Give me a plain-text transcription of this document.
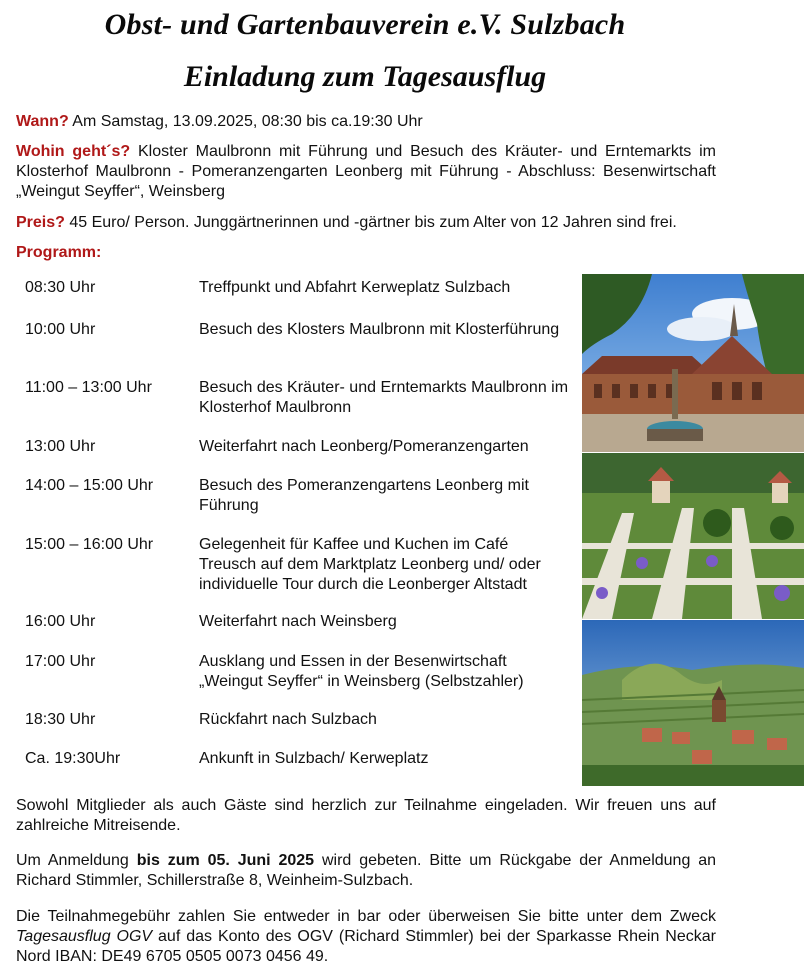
Obst- und Gartenbauverein e.V. Sulzbach
Einladung zum Tagesausflug
Wann? Am Samstag, 13.09.2025, 08:30 bis ca.19:30 Uhr
Wohin geht´s? Kloster Maulbronn mit Führung und Besuch des Kräuter- und Erntemarkts im Klosterhof Maulbronn - Pomeranzengarten Leonberg mit Führung - Abschluss: Besenwirtschaft „Weingut Seyffer“, Weinsberg
Preis? 45 Euro/ Person. Junggärtnerinnen und -gärtner bis zum Alter von 12 Jahren sind frei.
Programm:
08:30 Uhr	Treffpunkt und Abfahrt Kerweplatz Sulzbach
10:00 Uhr	Besuch des Klosters Maulbronn mit Klosterführung
11:00 – 13:00 Uhr	Besuch des Kräuter- und Erntemarkts Maulbronn im Klosterhof Maulbronn
13:00 Uhr	Weiterfahrt nach Leonberg/Pomeranzengarten
14:00 – 15:00 Uhr	Besuch des Pomeranzengartens Leonberg mit Führung
15:00 – 16:00 Uhr	Gelegenheit für Kaffee und Kuchen im Café Treusch auf dem Marktplatz Leonberg und/ oder individuelle Tour durch die Leonberger Altstadt
16:00 Uhr	Weiterfahrt nach Weinsberg
17:00 Uhr	Ausklang und Essen in der Besenwirtschaft „Weingut Seyffer“ in Weinsberg (Selbstzahler)
18:30 Uhr	Rückfahrt nach Sulzbach
Ca. 19:30Uhr	Ankunft in Sulzbach/ Kerweplatz
Sowohl Mitglieder als auch Gäste sind herzlich zur Teilnahme eingeladen. Wir freuen uns auf zahlreiche Mitreisende.
Um Anmeldung bis zum 05. Juni 2025 wird gebeten. Bitte um Rückgabe der Anmeldung an Richard Stimmler, Schillerstraße 8, Weinheim-Sulzbach.
Die Teilnahmegebühr zahlen Sie entweder in bar oder überweisen Sie bitte unter dem Zweck Tagesausflug OGV auf das Konto des OGV (Richard Stimmler) bei der Sparkasse Rhein Neckar Nord IBAN: DE49 6705 0505 0073 0456 49.
